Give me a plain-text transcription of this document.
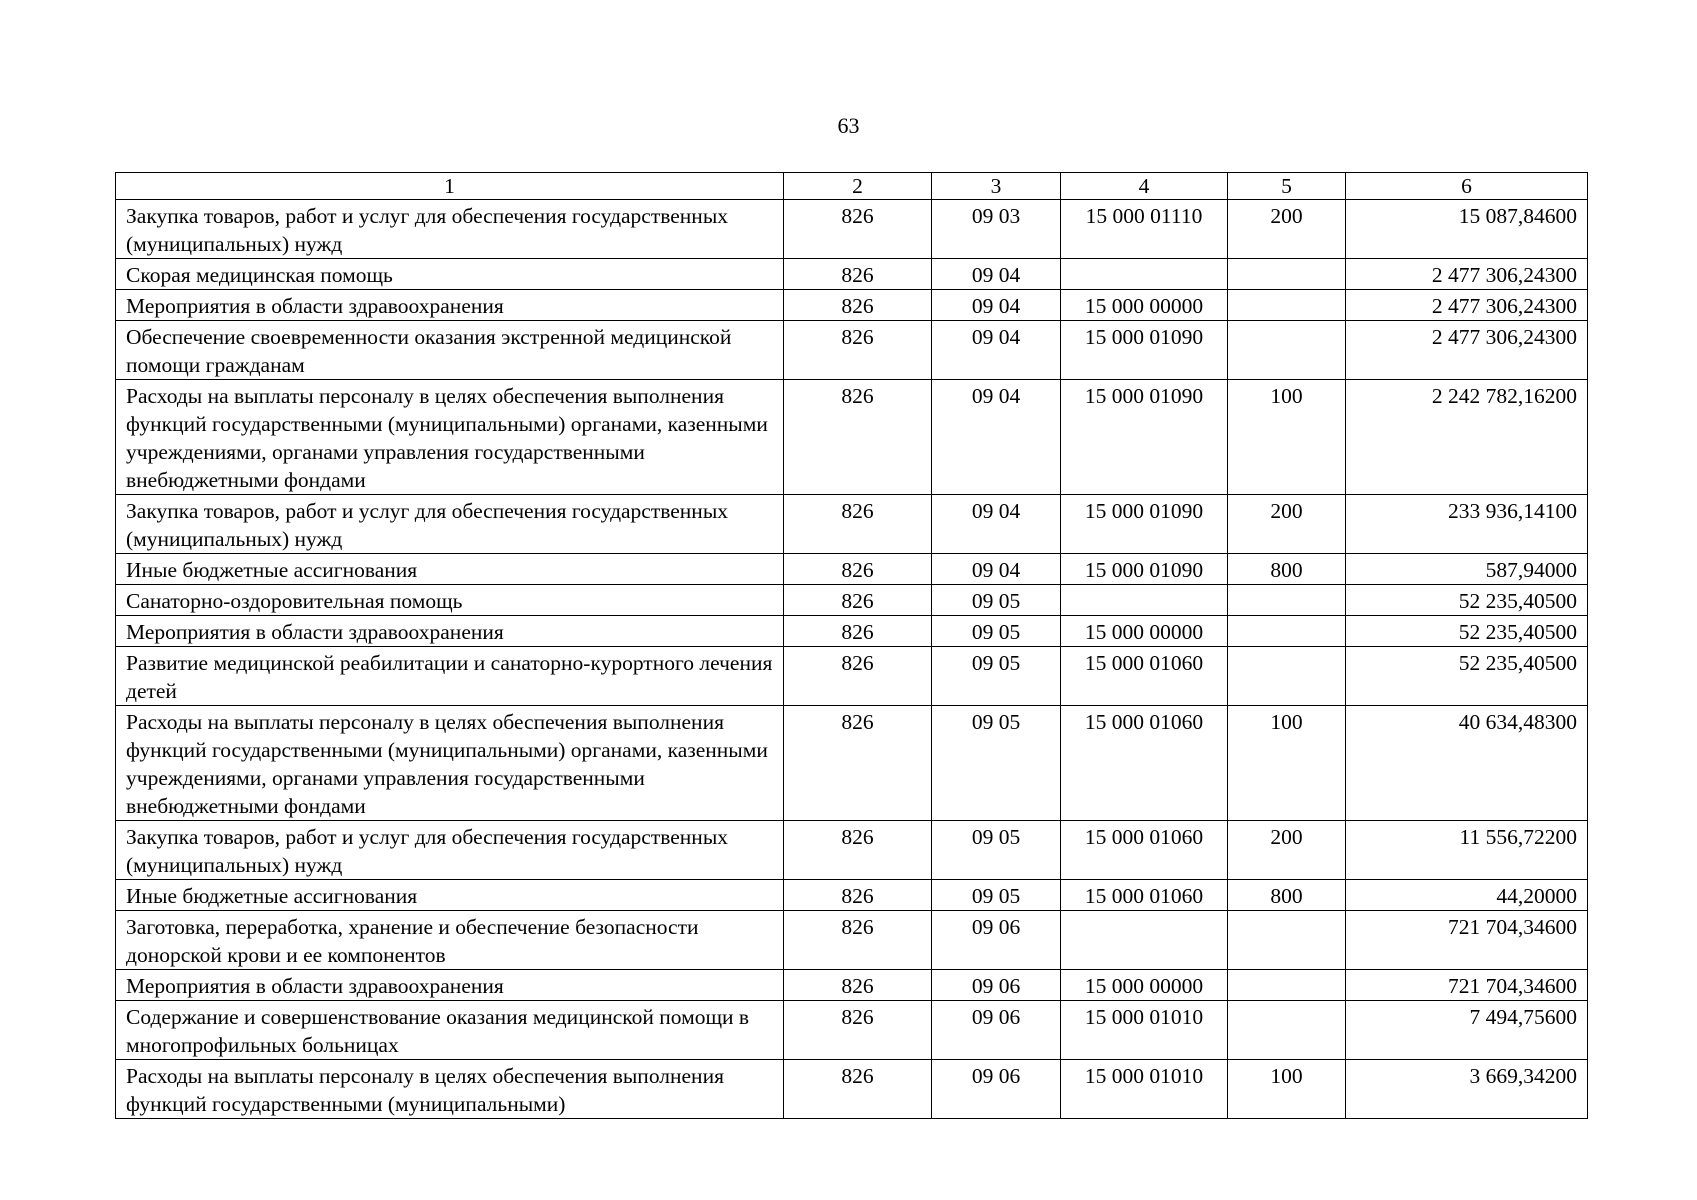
63
1	2	3	4	5	6
Закупка товаров, работ и услуг для обеспечения государственных (муниципальных) нужд	826	09 03	15 000 01110	200	15 087,84600
Скорая медицинская помощь	826	09 04			2 477 306,24300
Мероприятия в области здравоохранения	826	09 04	15 000 00000		2 477 306,24300
Обеспечение своевременности оказания экстренной медицинской помощи гражданам	826	09 04	15 000 01090		2 477 306,24300
Расходы на выплаты персоналу в целях обеспечения выполнения функций государственными (муниципальными) органами, казенными учреждениями, органами управления государственными внебюджетными фондами	826	09 04	15 000 01090	100	2 242 782,16200
Закупка товаров, работ и услуг для обеспечения государственных (муниципальных) нужд	826	09 04	15 000 01090	200	233 936,14100
Иные бюджетные ассигнования	826	09 04	15 000 01090	800	587,94000
Санаторно-оздоровительная помощь	826	09 05			52 235,40500
Мероприятия в области здравоохранения	826	09 05	15 000 00000		52 235,40500
Развитие медицинской реабилитации и санаторно-курортного лечения детей	826	09 05	15 000 01060		52 235,40500
Расходы на выплаты персоналу в целях обеспечения выполнения функций государственными (муниципальными) органами, казенными учреждениями, органами управления государственными внебюджетными фондами	826	09 05	15 000 01060	100	40 634,48300
Закупка товаров, работ и услуг для обеспечения государственных (муниципальных) нужд	826	09 05	15 000 01060	200	11 556,72200
Иные бюджетные ассигнования	826	09 05	15 000 01060	800	44,20000
Заготовка, переработка, хранение и обеспечение безопасности донорской крови и ее компонентов	826	09 06			721 704,34600
Мероприятия в области здравоохранения	826	09 06	15 000 00000		721 704,34600
Содержание и совершенствование оказания медицинской помощи в многопрофильных больницах	826	09 06	15 000 01010		7 494,75600
Расходы на выплаты персоналу в целях обеспечения выполнения функций государственными (муниципальными)	826	09 06	15 000 01010	100	3 669,34200
